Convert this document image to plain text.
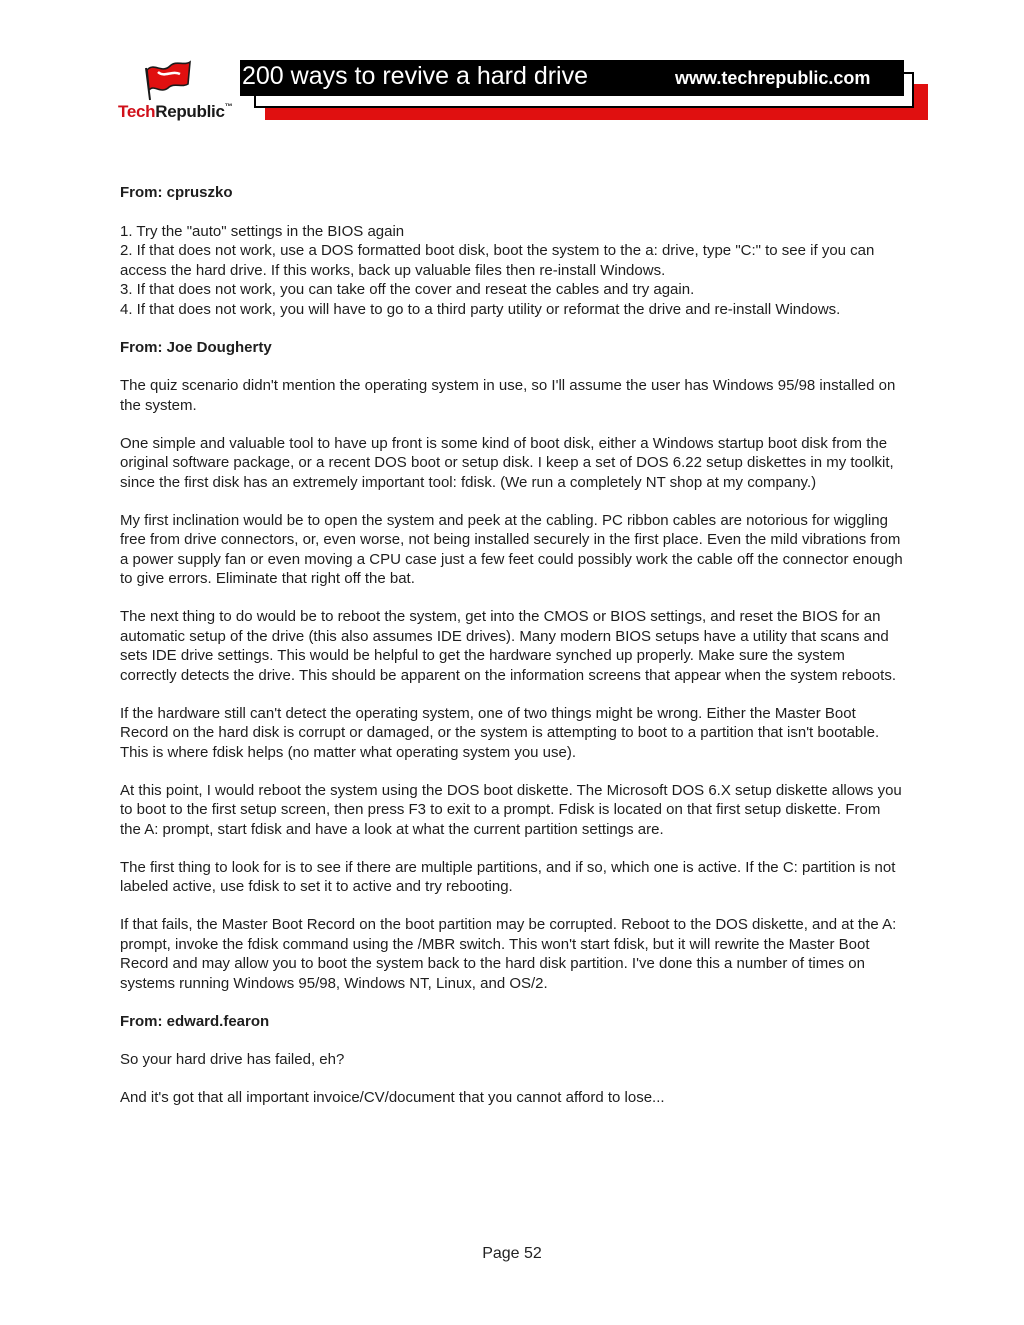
TechRepublic™
200 ways to revive a hard drive	www.techrepublic.com
From: cpruszko
1. Try the "auto" settings in the BIOS again
2. If that does not work, use a DOS formatted boot disk, boot the system to the a: drive, type "C:" to see if you can access the hard drive. If this works, back up valuable files then re-install Windows.
3. If that does not work, you can take off the cover and reseat the cables and try again.
4. If that does not work, you will have to go to a third party utility or reformat the drive and re-install Windows.
From: Joe Dougherty
The quiz scenario didn't mention the operating system in use, so I'll assume the user has Windows 95/98 installed on the system.
One simple and valuable tool to have up front is some kind of boot disk, either a Windows startup boot disk from the original software package, or a recent DOS boot or setup disk. I keep a set of DOS 6.22 setup diskettes in my toolkit, since the first disk has an extremely important tool: fdisk. (We run a completely NT shop at my company.)
My first inclination would be to open the system and peek at the cabling. PC ribbon cables are notorious for wiggling free from drive connectors, or, even worse, not being installed securely in the first place. Even the mild vibrations from a power supply fan or even moving a CPU case just a few feet could possibly work the cable off the connector enough to give errors. Eliminate that right off the bat.
The next thing to do would be to reboot the system, get into the CMOS or BIOS settings, and reset the BIOS for an automatic setup of the drive (this also assumes IDE drives). Many modern BIOS setups have a utility that scans and sets IDE drive settings. This would be helpful to get the hardware synched up properly. Make sure the system correctly detects the drive. This should be apparent on the information screens that appear when the system reboots.
If the hardware still can't detect the operating system, one of two things might be wrong. Either the Master Boot Record on the hard disk is corrupt or damaged, or the system is attempting to boot to a partition that isn't bootable. This is where fdisk helps (no matter what operating system you use).
At this point, I would reboot the system using the DOS boot diskette. The Microsoft DOS 6.X setup diskette allows you to boot to the first setup screen, then press F3 to exit to a prompt. Fdisk is located on that first setup diskette. From the A: prompt, start fdisk and have a look at what the current partition settings are.
The first thing to look for is to see if there are multiple partitions, and if so, which one is active. If the C: partition is not labeled active, use fdisk to set it to active and try rebooting.
If that fails, the Master Boot Record on the boot partition may be corrupted. Reboot to the DOS diskette, and at the A: prompt, invoke the fdisk command using the /MBR switch. This won't start fdisk, but it will rewrite the Master Boot Record and may allow you to boot the system back to the hard disk partition. I've done this a number of times on systems running Windows 95/98, Windows NT, Linux, and OS/2.
From: edward.fearon
So your hard drive has failed, eh?
And it's got that all important invoice/CV/document that you cannot afford to lose...
Page 52
